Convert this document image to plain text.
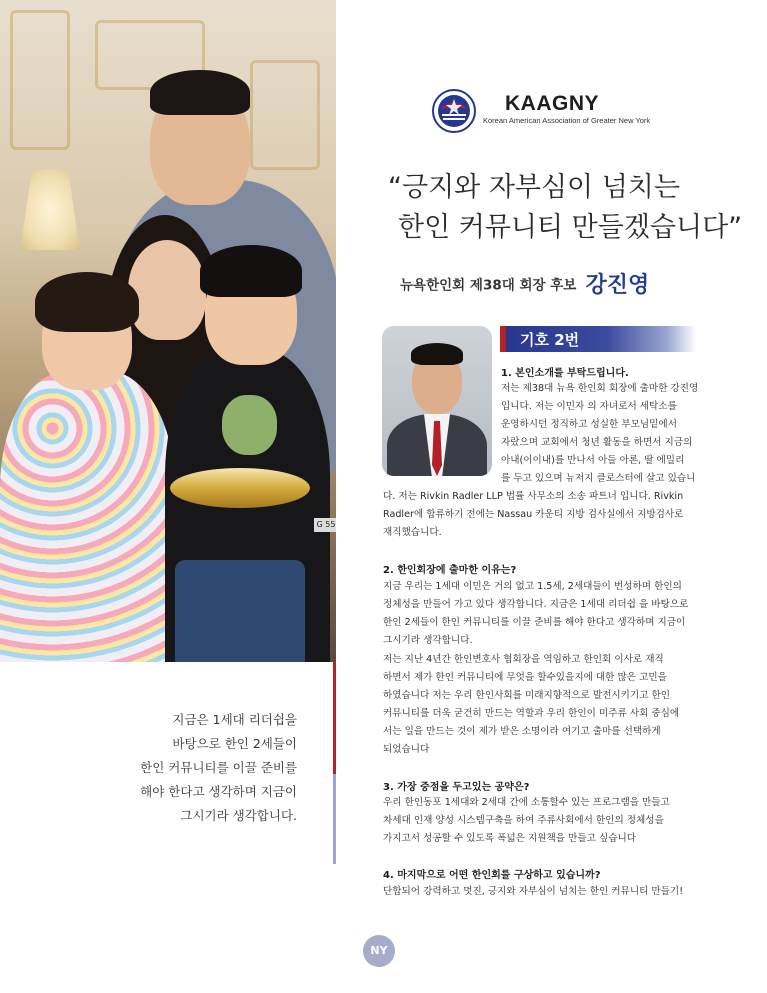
G 55
KAAGNY
Korean American Association of Greater New York
“긍지와 자부심이 넘치는
한인 커뮤니티 만들겠습니다”
뉴욕한인회 제38대 회장 후보 강진영
기호 2번
1. 본인소개를 부탁드립니다.
저는 제38대 뉴욕 한인회 회장에 출마한 강진영
입니다. 저는 이민자 의 자녀로서 세탁소를
운영하시던 정직하고 성실한 부모님밑에서
자랐으며 교회에서 청년 활동을 하면서 지금의
아내(이이내)를 만나서 아들 아론, 딸 에밀리
를 두고 있으며 뉴저지 클로스터에 살고 있습니
다. 저는 Rivkin Radler LLP 법률 사무소의 소송 파트너 입니다. Rivkin
Radler에 합류하기 전에는 Nassau 카운티 지방 검사실에서 지방검사로
재직했습니다.
2. 한인회장에 출마한 이유는?
지금 우리는 1세대 이민은 거의 없고 1.5세, 2세대들이 번성하며 한인의
정체성을 만들어 가고 있다 생각합니다. 지금은 1세대 리더쉽 을 바탕으로
한인 2세들이 한인 커뮤니티를 이끌 준비를 해야 한다고 생각하며 지금이
그시기라 생각합니다.
저는 지난 4년간 한인변호사 협회장을 역임하고 한인회 이사로 재직
하면서 제가 한인 커뮤니티에 무엇을 할수있을지에 대한 많은 고민을
하였습니다 저는 우리 한인사회를 미래지향적으로 발전시키기고 한인
커뮤니티를 더욱 굳건히 만드는 역할과 우리 한인이 미주류 사회 중심에
서는 일을 만드는 것이 제가 받은 소명이라 여기고 출마를 선택하게
되었습니다
3. 가장 중점을 두고있는 공약은?
우리 한인동포 1세대와 2세대 간에 소통할수 있는 프로그램을 만들고
차세대 인재 양성 시스템구축을 하여 주류사회에서 한인의 정체성을
가지고서 성공할 수 있도록 폭넓은 지원책을 만들고 싶습니다
4. 마지막으로 어떤 한인회를 구상하고 있습니까?
단합되어 강력하고 멋진, 긍지와 자부심이 넘치는 한인 커뮤니티 만들기!
지금은 1세대 리더쉽을
바탕으로 한인 2세들이
한인 커뮤니티를 이끌 준비를
해야 한다고 생각하며 지금이
그시기라 생각합니다.
NY
